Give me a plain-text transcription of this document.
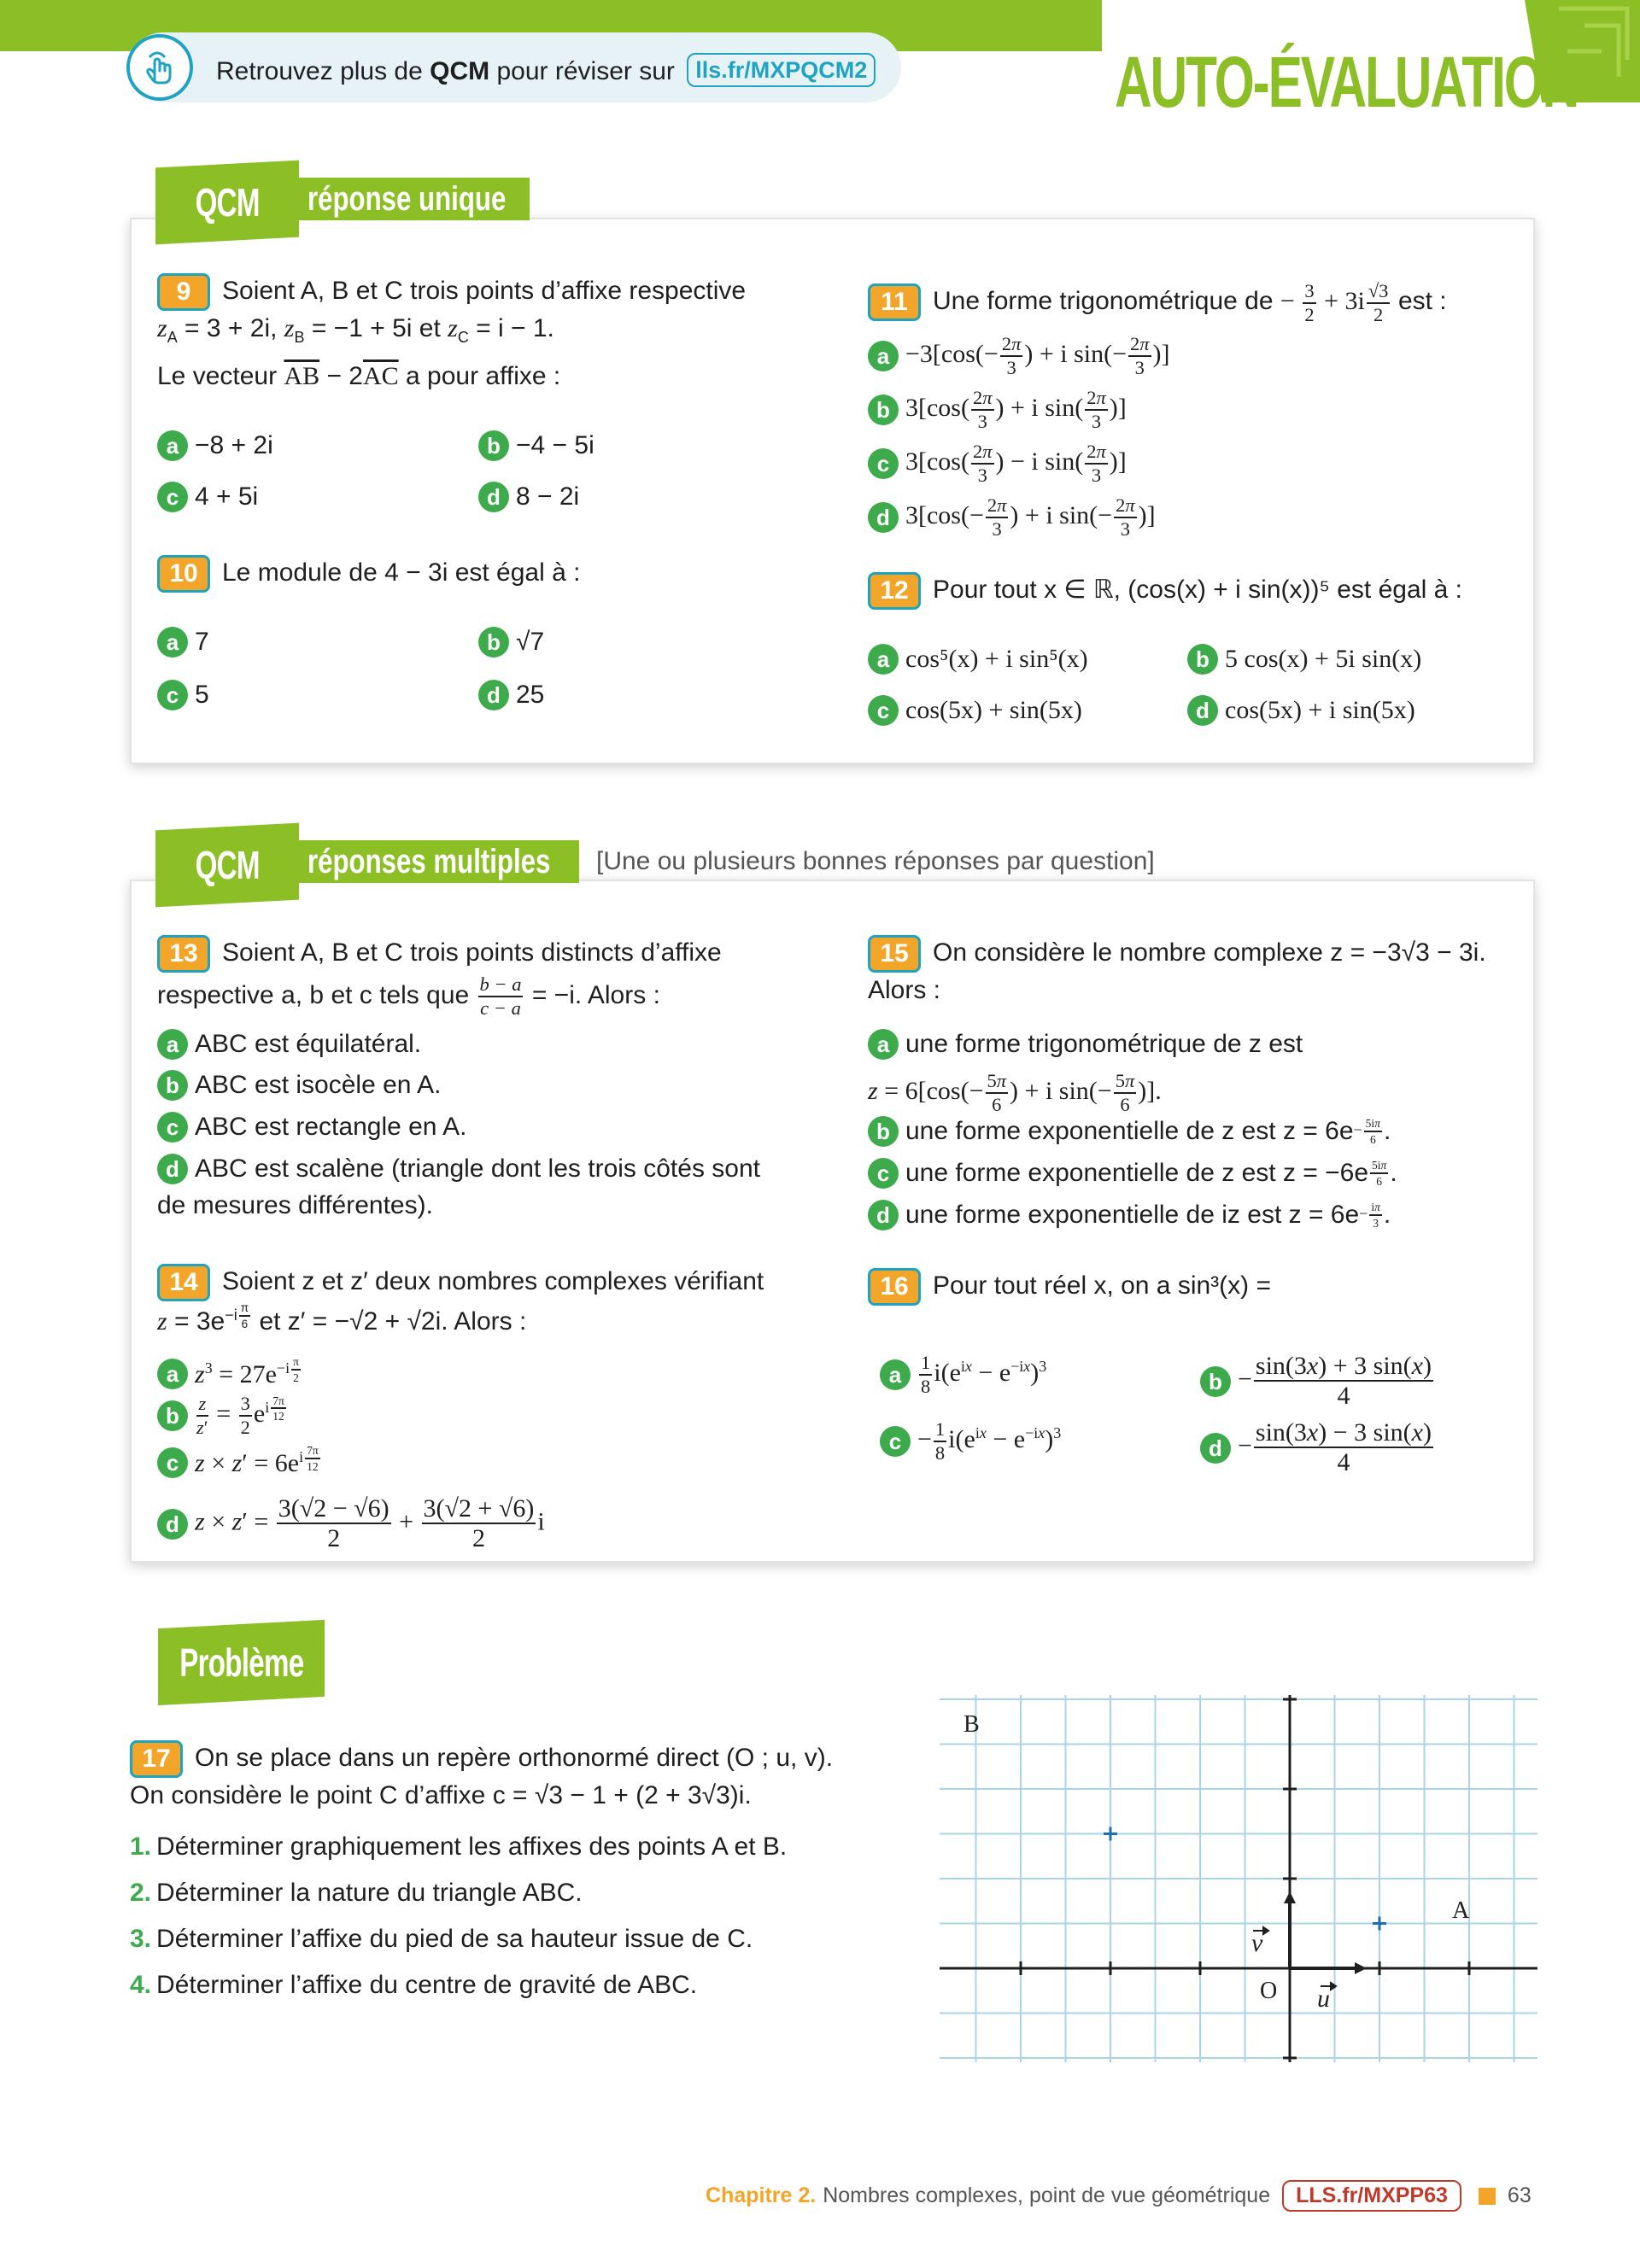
Retrouvez plus de QCM pour réviser sur lls.fr/MXPQCM2	AUTO-ÉVALUATION
QCM réponse unique
9 Soient A, B et C trois points d’affixe respective
$z_A = 3 + 2i$, $z_B = -1 + 5i$ et $z_C = i - 1$.
Le vecteur $\overline{AB} - 2\overline{AC}$ a pour affixe :
a −8 + 2i	b −4 − 5i
c 4 + 5i	d 8 − 2i
10 Le module de 4 − 3i est égal à :
a 7	b √7
c 5	d 25
11 Une forme trigonométrique de − $\frac{3}{2} + 3i \frac{√3}{2}$ est :
$a -3[\cos(- \frac{2\pi}{3}$ ) + i $\sin(- \frac{2\pi}{3}$ )]
b $3[\cos( \frac{2\pi}{3}$ ) + i $\sin( \frac{2\pi}{3}$ )]
c $3[\cos( \frac{2\pi}{3}$ ) − i $\sin( \frac{2\pi}{3}$ )]
d $3[\cos(- \frac{2\pi}{3}$ ) + i $\sin(- \frac{2\pi}{3}$ )]
12 Pour tout x ∈ ℝ, (cos(x) + i sin(x))⁵ est égal à :
a cos⁵(x) + i sin⁵(x)	b 5 cos(x) + 5i sin(x)
c cos(5x) + sin(5x)	d cos(5x) + i sin(5x)
QCM réponses multiples [Une ou plusieurs bonnes réponses par question]
13 Soient A, B et C trois points distincts d’affixe
respective a, b et c tels que $\frac{b - a}{c - a} = -i$. Alors :
a ABC est équilatéral.
b ABC est isocèle en A.
c ABC est rectangle en A.
d ABC est scalène (triangle dont les trois côtés sont
de mesures différentes).
14 Soient z et z′ deux nombres complexes vérifiant
$z = 3e^{-i \frac{\pi}{6}}$ et z′ = −√2 + √2i. Alors :
a $z^3 = 27e^{-i \frac{\pi}{2}}$
b $\frac{z}{z'} = \frac{3}{2} e^{i \frac{7\pi}{12}}$
c $z \times z' = 6e^{i \frac{7\pi}{12}}$
d $z \times z' = \frac{3(√2 - √6)}{2} + \frac{3(√2 + √6)}{2}$ i
15 On considère le nombre complexe z = −3√3 − 3i.
Alors :
a une forme trigonométrique de z est
$z = 6[\cos(- \frac{5\pi}{6}$ ) + i $\sin(- \frac{5\pi}{6}$ )].
b une forme exponentielle de z est $z = 6e - \frac{5i\pi}{6}$ .
c une forme exponentielle de z est $z = -6e \frac{5i\pi}{6}$ .
d une forme exponentielle de iz est $z = 6e - \frac{i\pi}{3}$ .
16 Pour tout réel x, on a sin³(x) =
a $\frac{1}{8} i(e^{ix} - e^{-ix})^3$
$b - \frac{\sin(3x) + 3 \sin(x)}{4}$
$c - \frac{1}{8} i(e^{ix} - e^{-ix})^3$
$d - \frac{\sin(3x) - 3 \sin(x)}{4}$
Problème
17 On se place dans un repère orthonormé direct (O ; u, v).
On considère le point C d’affixe c = √3 − 1 + (2 + 3√3)i.
1. Déterminer graphiquement les affixes des points A et B.
2. Déterminer la nature du triangle ABC.
3. Déterminer l’affixe du pied de sa hauteur issue de C.
4. Déterminer l’affixe du centre de gravité de ABC.
B
A
O u
v
Chapitre 2. Nombres complexes, point de vue géométrique	LLS.fr/MXPP63	63
